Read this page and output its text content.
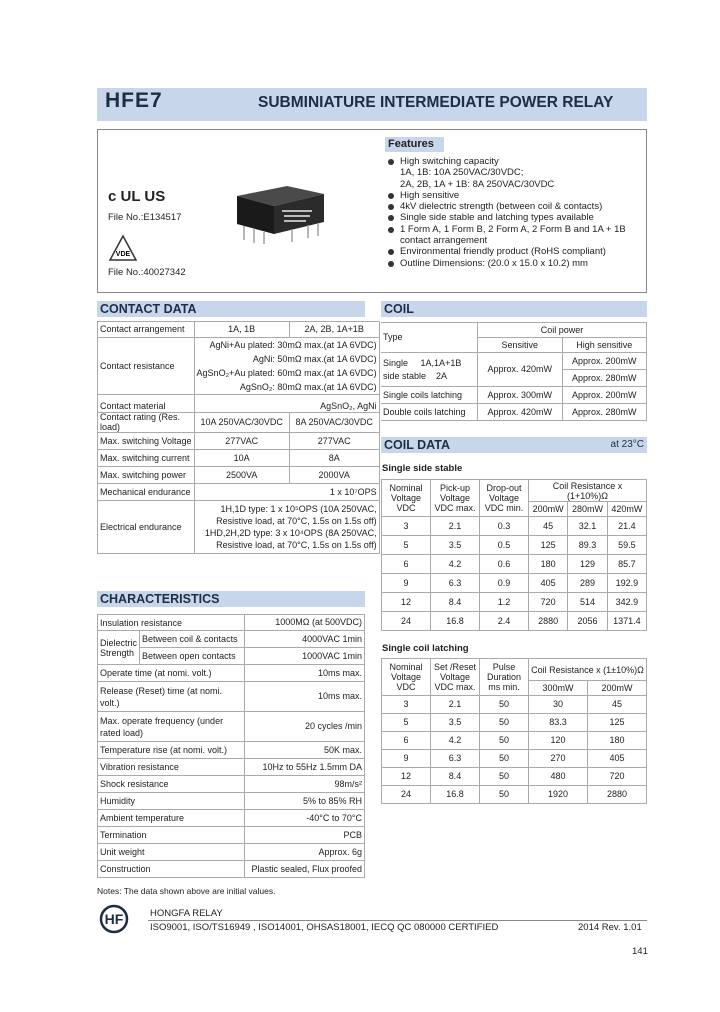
HFE7	SUBMINIATURE INTERMEDIATE POWER RELAY
c UL US
File No.:E134517
VDE
File No.:40027342
Features
High switching capacity
1A, 1B: 10A 250VAC/30VDC;
2A, 2B, 1A + 1B: 8A 250VAC/30VDC
High sensitive
4kV dielectric strength (between coil & contacts)
Single side stable and latching types available
1 Form A, 1 Form B, 2 Form A, 2 Form B and 1A + 1B
contact arrangement
Environmental friendly product (RoHS compliant)
Outline Dimensions: (20.0 x 15.0 x 10.2) mm
CONTACT DATA
Contact arrangement	1A, 1B	2A, 2B, 1A+1B
Contact resistance	AgNi+Au plated: 30mΩ max.(at 1A 6VDC)
AgNi: 50mΩ max.(at 1A 6VDC)
AgSnO₂+Au plated: 60mΩ max.(at 1A 6VDC)
AgSnO₂: 80mΩ max.(at 1A 6VDC)	

Contact material	AgSnO₂, AgNi	
Contact rating (Res. load)	10A 250VAC/30VDC	8A 250VAC/30VDC
Max. switching Voltage	277VAC	277VAC
Max. switching current	10A	8A
Max. switching power	2500VA	2000VA
Mechanical endurance	1 x 10⁷OPS	
Electrical endurance	1H,1D type: 1 x 10⁵OPS (10A 250VAC,
Resistive load, at 70°C, 1.5s on 1.5s off)
1HD,2H,2D type: 3 x 10⁴OPS (8A 250VAC,
Resistive load, at 70°C, 1.5s on 1.5s off)	
CHARACTERISTICS
Insulation resistance		1000MΩ (at 500VDC)
Dielectric Strength	Between coil & contacts	4000VAC 1min
	Between open contacts	1000VAC 1min
Operate time (at nomi. volt.)		10ms max.
Release (Reset) time (at nomi. volt.)		10ms max.
Max. operate frequency (under rated load)		20 cycles /min
Temperature rise (at nomi. volt.)		50K max.
Vibration resistance		10Hz to 55Hz 1.5mm DA
Shock resistance		98m/s²
Humidity		5% to 85% RH
Ambient temperature		-40°C to 70°C
Termination		PCB
Unit weight		Approx. 6g
Construction		Plastic sealed, Flux proofed
Notes: The data shown above are initial values.
COIL
Type	Coil power	
	Sensitive	High sensitive
Single 1A,1A+1B
side stable 2A	Approx. 420mW	Approx. 200mW
		Approx. 280mW
Single coils latching	Approx. 300mW	Approx. 200mW
Double coils latching	Approx. 420mW	Approx. 280mW
COIL DATA	at 23°C
Single side stable
Nominal Voltage VDC	Pick-up Voltage VDC max.	Drop-out Voltage VDC min.	Coil Resistance x (1+10%)Ω		
			200mW	280mW	420mW
3	2.1	0.3	45	32.1	21.4
5	3.5	0.5	125	89.3	59.5
6	4.2	0.6	180	129	85.7
9	6.3	0.9	405	289	192.9
12	8.4	1.2	720	514	342.9
24	16.8	2.4	2880	2056	1371.4
Single coil latching
Nominal Voltage VDC	Set /Reset Voltage VDC max.	Pulse Duration ms min.	Coil Resistance x (1±10%)Ω	
			300mW	200mW
3	2.1	50	30	45
5	3.5	50	83.3	125
6	4.2	50	120	180
9	6.3	50	270	405
12	8.4	50	480	720
24	16.8	50	1920	2880
HF	HONGFA RELAY
ISO9001, ISO/TS16949 , ISO14001, OHSAS18001, IECQ QC 080000 CERTIFIED	2014 Rev. 1.01
141
